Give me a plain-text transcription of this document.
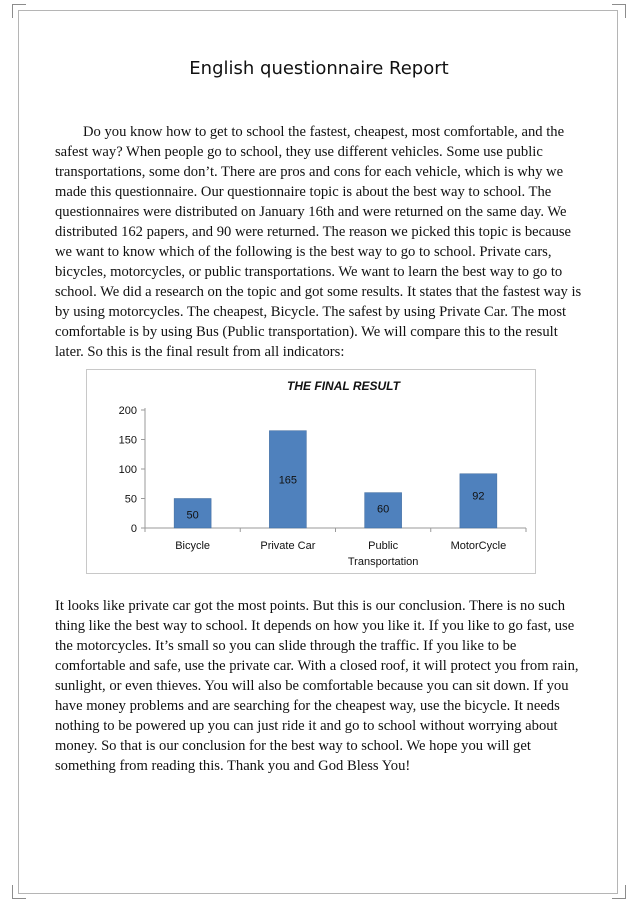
English questionnaire Report

Do you know how to get to school the fastest, cheapest, most comfortable, and the safest way? When people go to school, they use different vehicles. Some use public transportations, some don’t. There are pros and cons for each vehicle, which is why we made this questionnaire. Our questionnaire topic is about the best way to school. The questionnaires were distributed on January 16th and were returned on the same day. We distributed 162 papers, and 90 were returned. The reason we picked this topic is because we want to know which of the following is the best way to go to school. Private cars, bicycles, motorcycles, or public transportations. We want to learn the best way to go to school. We did a research on the topic and got some results. It states that the fastest way is by using motorcycles. The cheapest, Bicycle. The safest by using Private Car. The most comfortable is by using Bus (Public transportation). We will compare this to the result later. So this is the final result from all indicators:

THE FINAL RESULT
0
50
100
150
200
50
Bicycle
165
Private Car
60
Public Transportation
92
MotorCycle

It looks like private car got the most points. But this is our conclusion. There is no such thing like the best way to school. It depends on how you like it. If you like to go fast, use the motorcycles. It’s small so you can slide through the traffic. If you like to be comfortable and safe, use the private car. With a closed roof, it will protect you from rain, sunlight, or even thieves. You will also be comfortable because you can sit down. If you have money problems and are searching for the cheapest way, use the bicycle. It needs nothing to be powered up you can just ride it and go to school without worrying about money. So that is our conclusion for the best way to school. We hope you will get something from reading this. Thank you and God Bless You!
